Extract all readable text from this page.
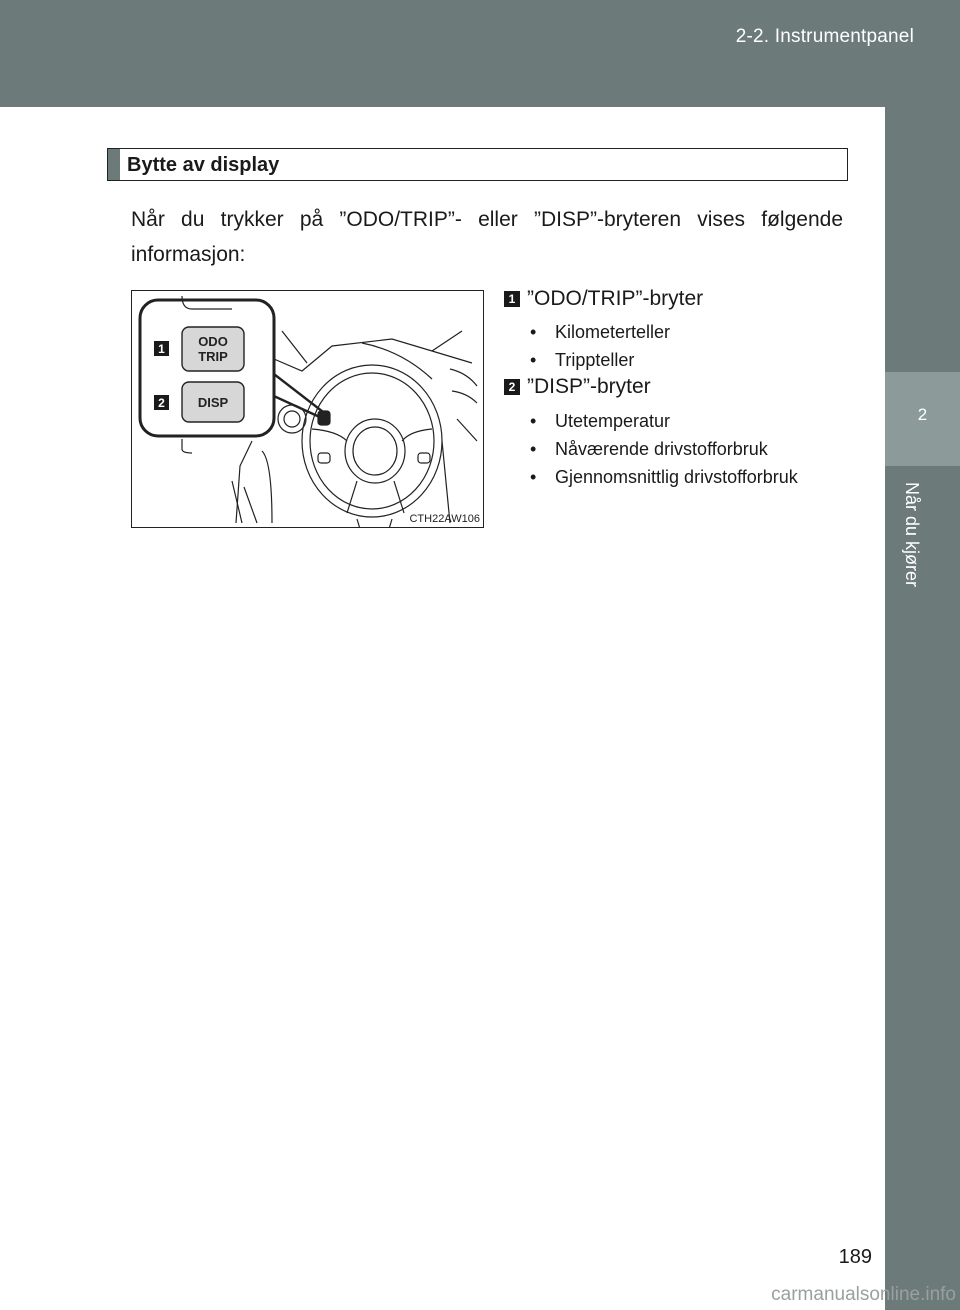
2-2. Instrumentpanel
2
Når du kjører
Bytte av display
Når du trykker på ”ODO/TRIP”- eller ”DISP”-bryteren vises følgende informasjon:
1
2
ODO
TRIP
DISP
CTH22AW106
1 ”ODO/TRIP”-bryter
• Kilometerteller
• Trippteller
2 ”DISP”-bryter
• Utetemperatur
• Nåværende drivstofforbruk
• Gjennomsnittlig drivstofforbruk
189
carmanualsonline.info
